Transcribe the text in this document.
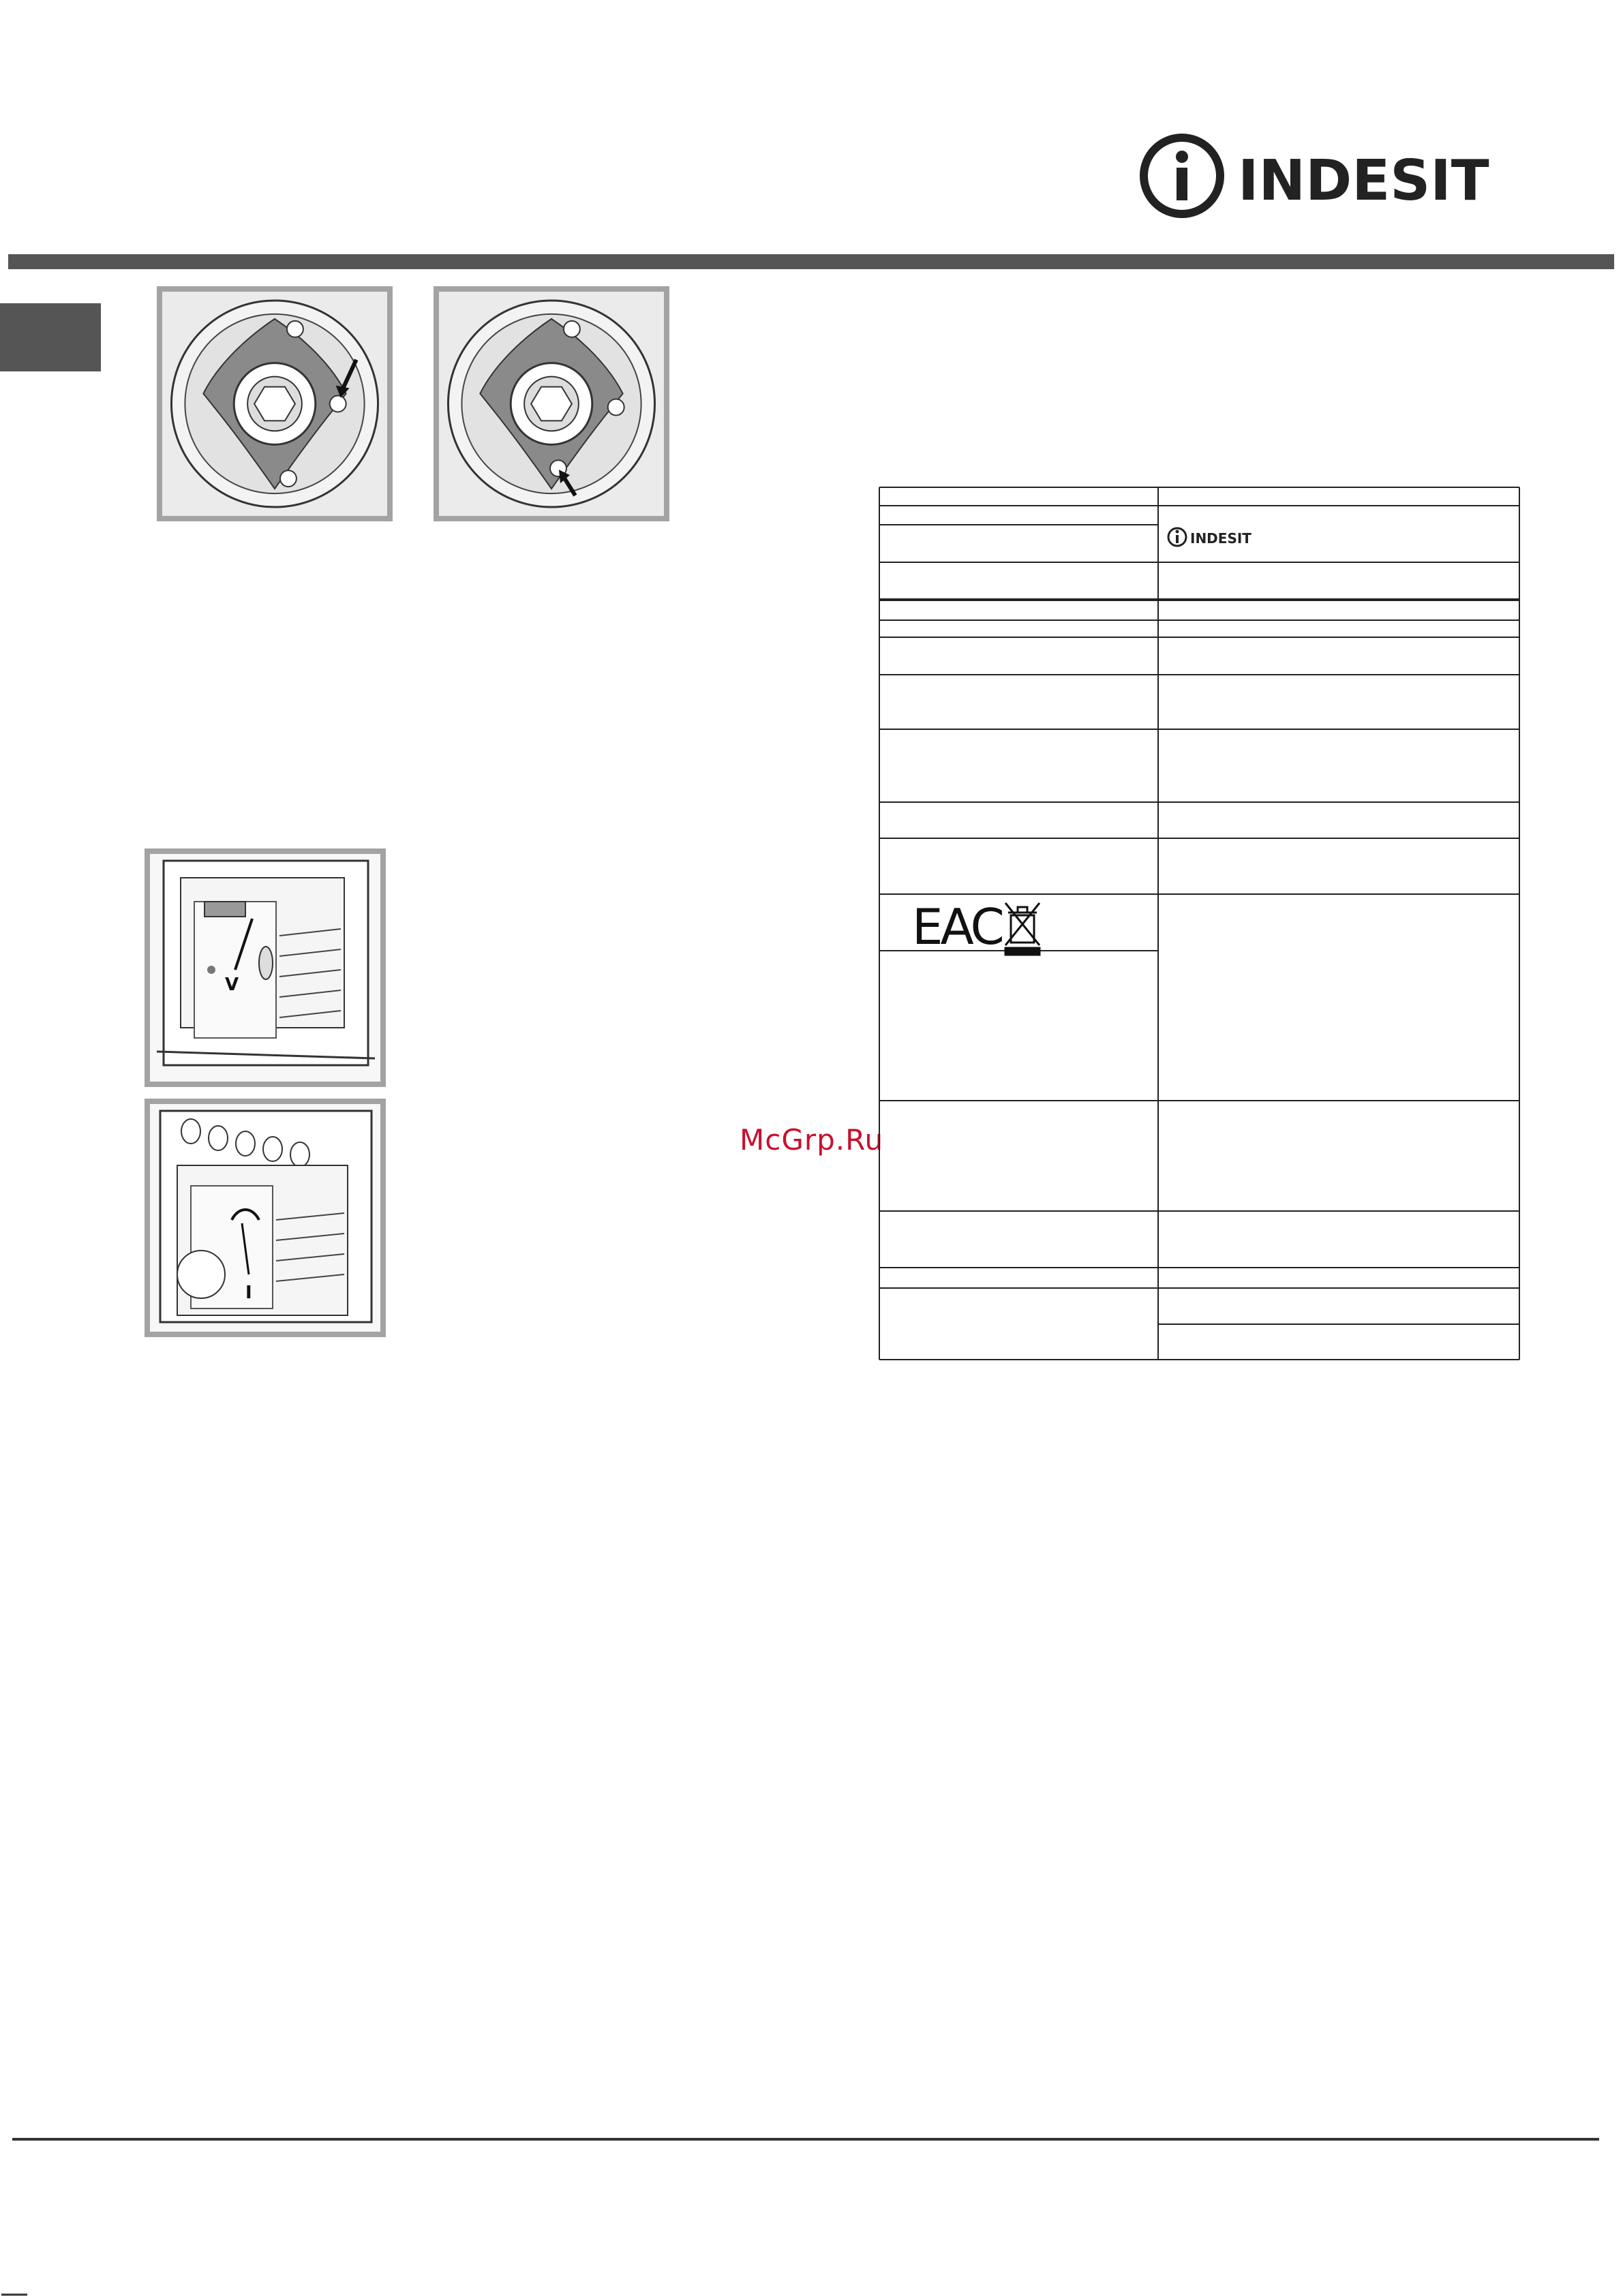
INDESIT
V
I
McGrp.Ru
INDESIT
EAC
